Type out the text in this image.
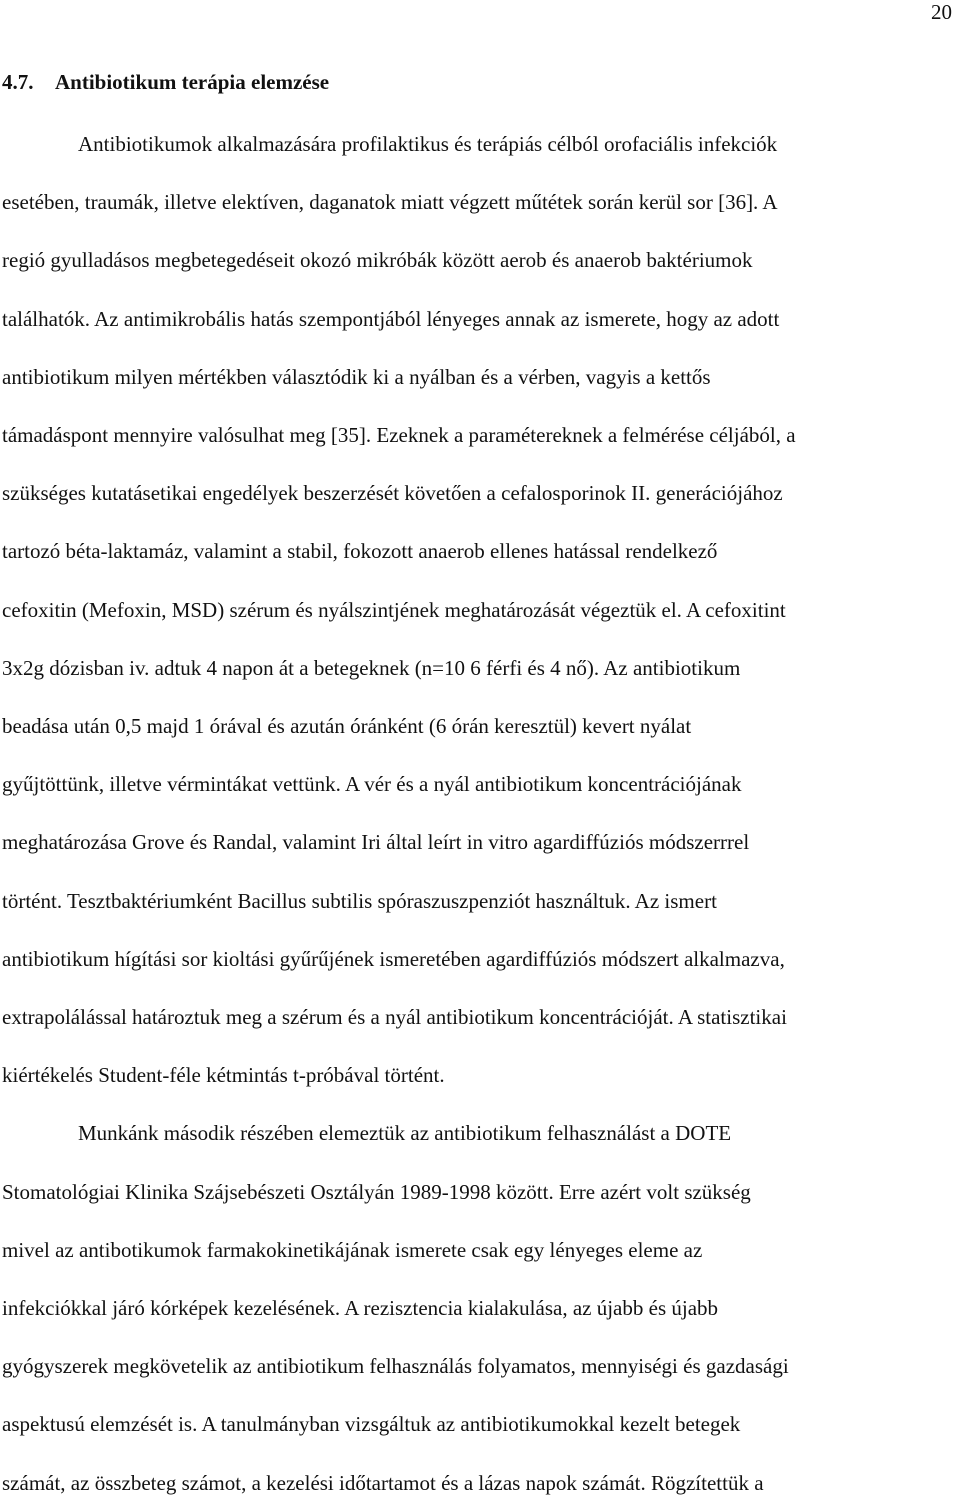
20
4.7. Antibiotikum terápia elemzése
Antibiotikumok alkalmazására profilaktikus és terápiás célból orofaciális infekciók
esetében, traumák, illetve elektíven, daganatok miatt végzett műtétek során kerül sor [36]. A
regió gyulladásos megbetegedéseit okozó mikróbák között aerob és anaerob baktériumok
találhatók. Az antimikrobális hatás szempontjából lényeges annak az ismerete, hogy az adott
antibiotikum milyen mértékben választódik ki a nyálban és a vérben, vagyis a kettős
támadáspont mennyire valósulhat meg [35]. Ezeknek a paramétereknek a felmérése céljából, a
szükséges kutatásetikai engedélyek beszerzését követően a cefalosporinok II. generációjához
tartozó béta-laktamáz, valamint a stabil, fokozott anaerob ellenes hatással rendelkező
cefoxitin (Mefoxin, MSD) szérum és nyálszintjének meghatározását végeztük el. A cefoxitint
3x2g dózisban iv. adtuk 4 napon át a betegeknek (n=10 6 férfi és 4 nő). Az antibiotikum
beadása után 0,5 majd 1 órával és azután óránként (6 órán keresztül) kevert nyálat
gyűjtöttünk, illetve vérmintákat vettünk. A vér és a nyál antibiotikum koncentrációjának
meghatározása Grove és Randal, valamint Iri által leírt in vitro agardiffúziós módszerrrel
történt. Tesztbaktériumként Bacillus subtilis spóraszuszpenziót használtuk. Az ismert
antibiotikum hígítási sor kioltási gyűrűjének ismeretében agardiffúziós módszert alkalmazva,
extrapolálással határoztuk meg a szérum és a nyál antibiotikum koncentrációját. A statisztikai
kiértékelés Student-féle kétmintás t-próbával történt.
Munkánk második részében elemeztük az antibiotikum felhasználást a DOTE
Stomatológiai Klinika Szájsebészeti Osztályán 1989-1998 között. Erre azért volt szükség
mivel az antibotikumok farmakokinetikájának ismerete csak egy lényeges eleme az
infekciókkal járó kórképek kezelésének. A rezisztencia kialakulása, az újabb és újabb
gyógyszerek megkövetelik az antibiotikum felhasználás folyamatos, mennyiségi és gazdasági
aspektusú elemzését is. A tanulmányban vizsgáltuk az antibiotikumokkal kezelt betegek
számát, az összbeteg számot, a kezelési időtartamot és a lázas napok számát. Rögzítettük a
